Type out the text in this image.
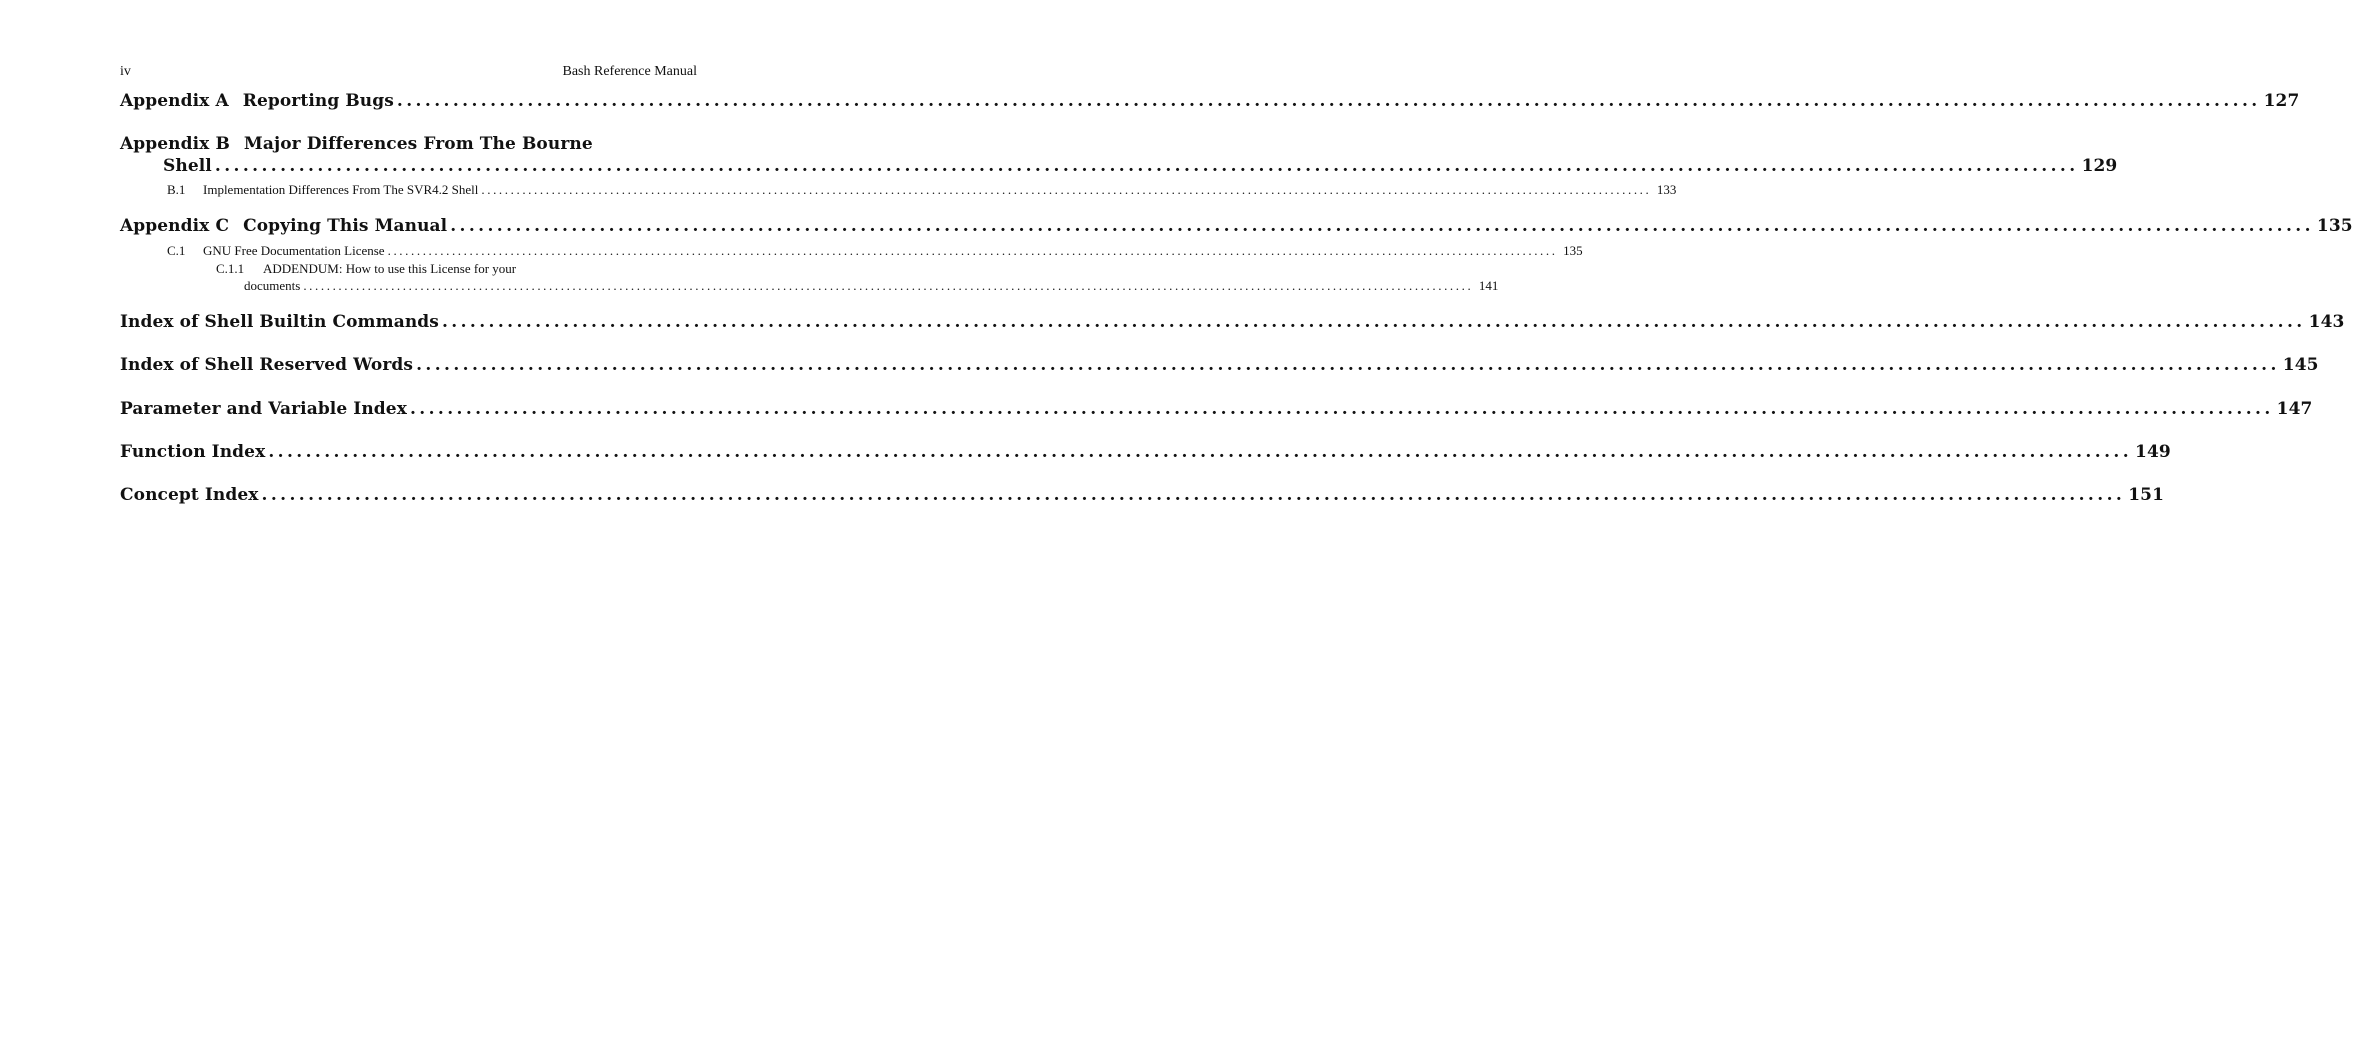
iv	Bash Reference Manual
Appendix A Reporting Bugs ........................................................................................................................................................................................................ 127
Appendix B Major Differences From The Bourne
Shell ........................................................................................................................................................................................................ 129
B.1 Implementation Differences From The SVR4.2 Shell ........................................................................................................................................................................................................ 133
Appendix C Copying This Manual ........................................................................................................................................................................................................ 135
C.1 GNU Free Documentation License ........................................................................................................................................................................................................ 135
C.1.1 ADDENDUM: How to use this License for your
documents ........................................................................................................................................................................................................ 141
Index of Shell Builtin Commands ........................................................................................................................................................................................................ 143
Index of Shell Reserved Words ........................................................................................................................................................................................................ 145
Parameter and Variable Index ........................................................................................................................................................................................................ 147
Function Index ........................................................................................................................................................................................................ 149
Concept Index ........................................................................................................................................................................................................ 151
